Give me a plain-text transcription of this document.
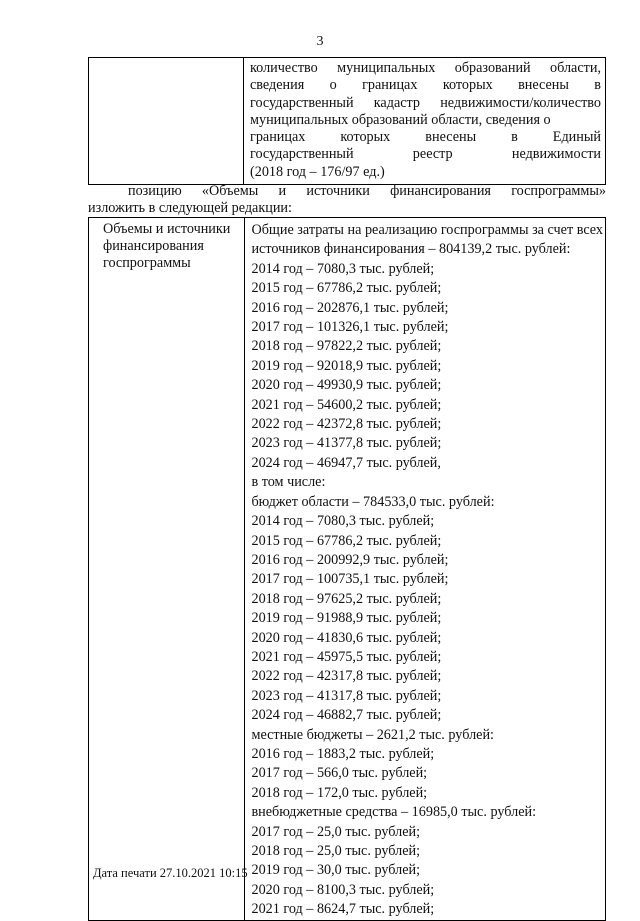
3

количество муниципальных образований области,
сведения о границах которых внесены в
государственный кадастр недвижимости/количество
муниципальных образований области, сведения о
границах которых внесены в Единый
государственный реестр недвижимости
(2018 год – 176/97 ед.)
позицию «Объемы и источники финансирования госпрограммы»
изложить в следующей редакции:
Объемы и источники
финансирования
госпрограммы

Общие затраты на реализацию госпрограммы за счет всех
источников финансирования – 804139,2 тыс. рублей:
2014 год – 7080,3 тыс. рублей;
2015 год – 67786,2 тыс. рублей;
2016 год – 202876,1 тыс. рублей;
2017 год – 101326,1 тыс. рублей;
2018 год – 97822,2 тыс. рублей;
2019 год – 92018,9 тыс. рублей;
2020 год – 49930,9 тыс. рублей;
2021 год – 54600,2 тыс. рублей;
2022 год – 42372,8 тыс. рублей;
2023 год – 41377,8 тыс. рублей;
2024 год – 46947,7 тыс. рублей,
в том числе:
бюджет области – 784533,0 тыс. рублей:
2014 год – 7080,3 тыс. рублей;
2015 год – 67786,2 тыс. рублей;
2016 год – 200992,9 тыс. рублей;
2017 год – 100735,1 тыс. рублей;
2018 год – 97625,2 тыс. рублей;
2019 год – 91988,9 тыс. рублей;
2020 год – 41830,6 тыс. рублей;
2021 год – 45975,5 тыс. рублей;
2022 год – 42317,8 тыс. рублей;
2023 год – 41317,8 тыс. рублей;
2024 год – 46882,7 тыс. рублей;
местные бюджеты – 2621,2 тыс. рублей:
2016 год – 1883,2 тыс. рублей;
2017 год – 566,0 тыс. рублей;
2018 год – 172,0 тыс. рублей;
внебюджетные средства – 16985,0 тыс. рублей:
2017 год – 25,0 тыс. рублей;
2018 год – 25,0 тыс. рублей;
2019 год – 30,0 тыс. рублей;
2020 год – 8100,3 тыс. рублей;
2021 год – 8624,7 тыс. рублей;
Дата печати 27.10.2021 10:15
